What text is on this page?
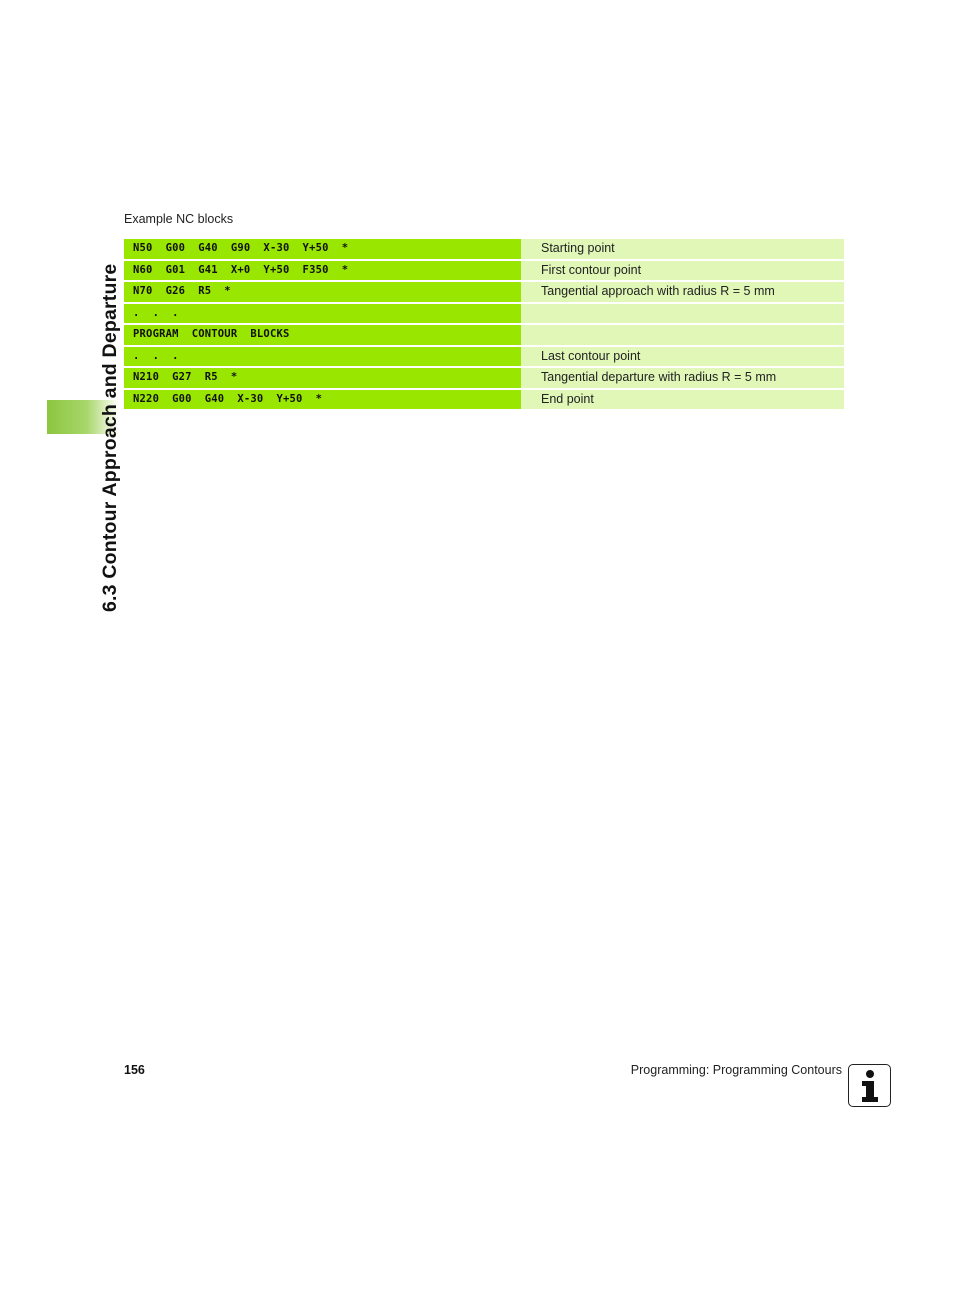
6.3 Contour Approach and Departure
Example NC blocks
N50  G00  G40  G90  X-30  Y+50  *	Starting point
N60  G01  G41  X+0  Y+50  F350  *	First contour point
N70  G26  R5  *	Tangential approach with radius R = 5 mm
.  .  .
PROGRAM  CONTOUR  BLOCKS
.  .  .	Last contour point
N210  G27  R5  *	Tangential departure with radius R = 5 mm
N220  G00  G40  X-30  Y+50  *	End point
156	Programming: Programming Contours
